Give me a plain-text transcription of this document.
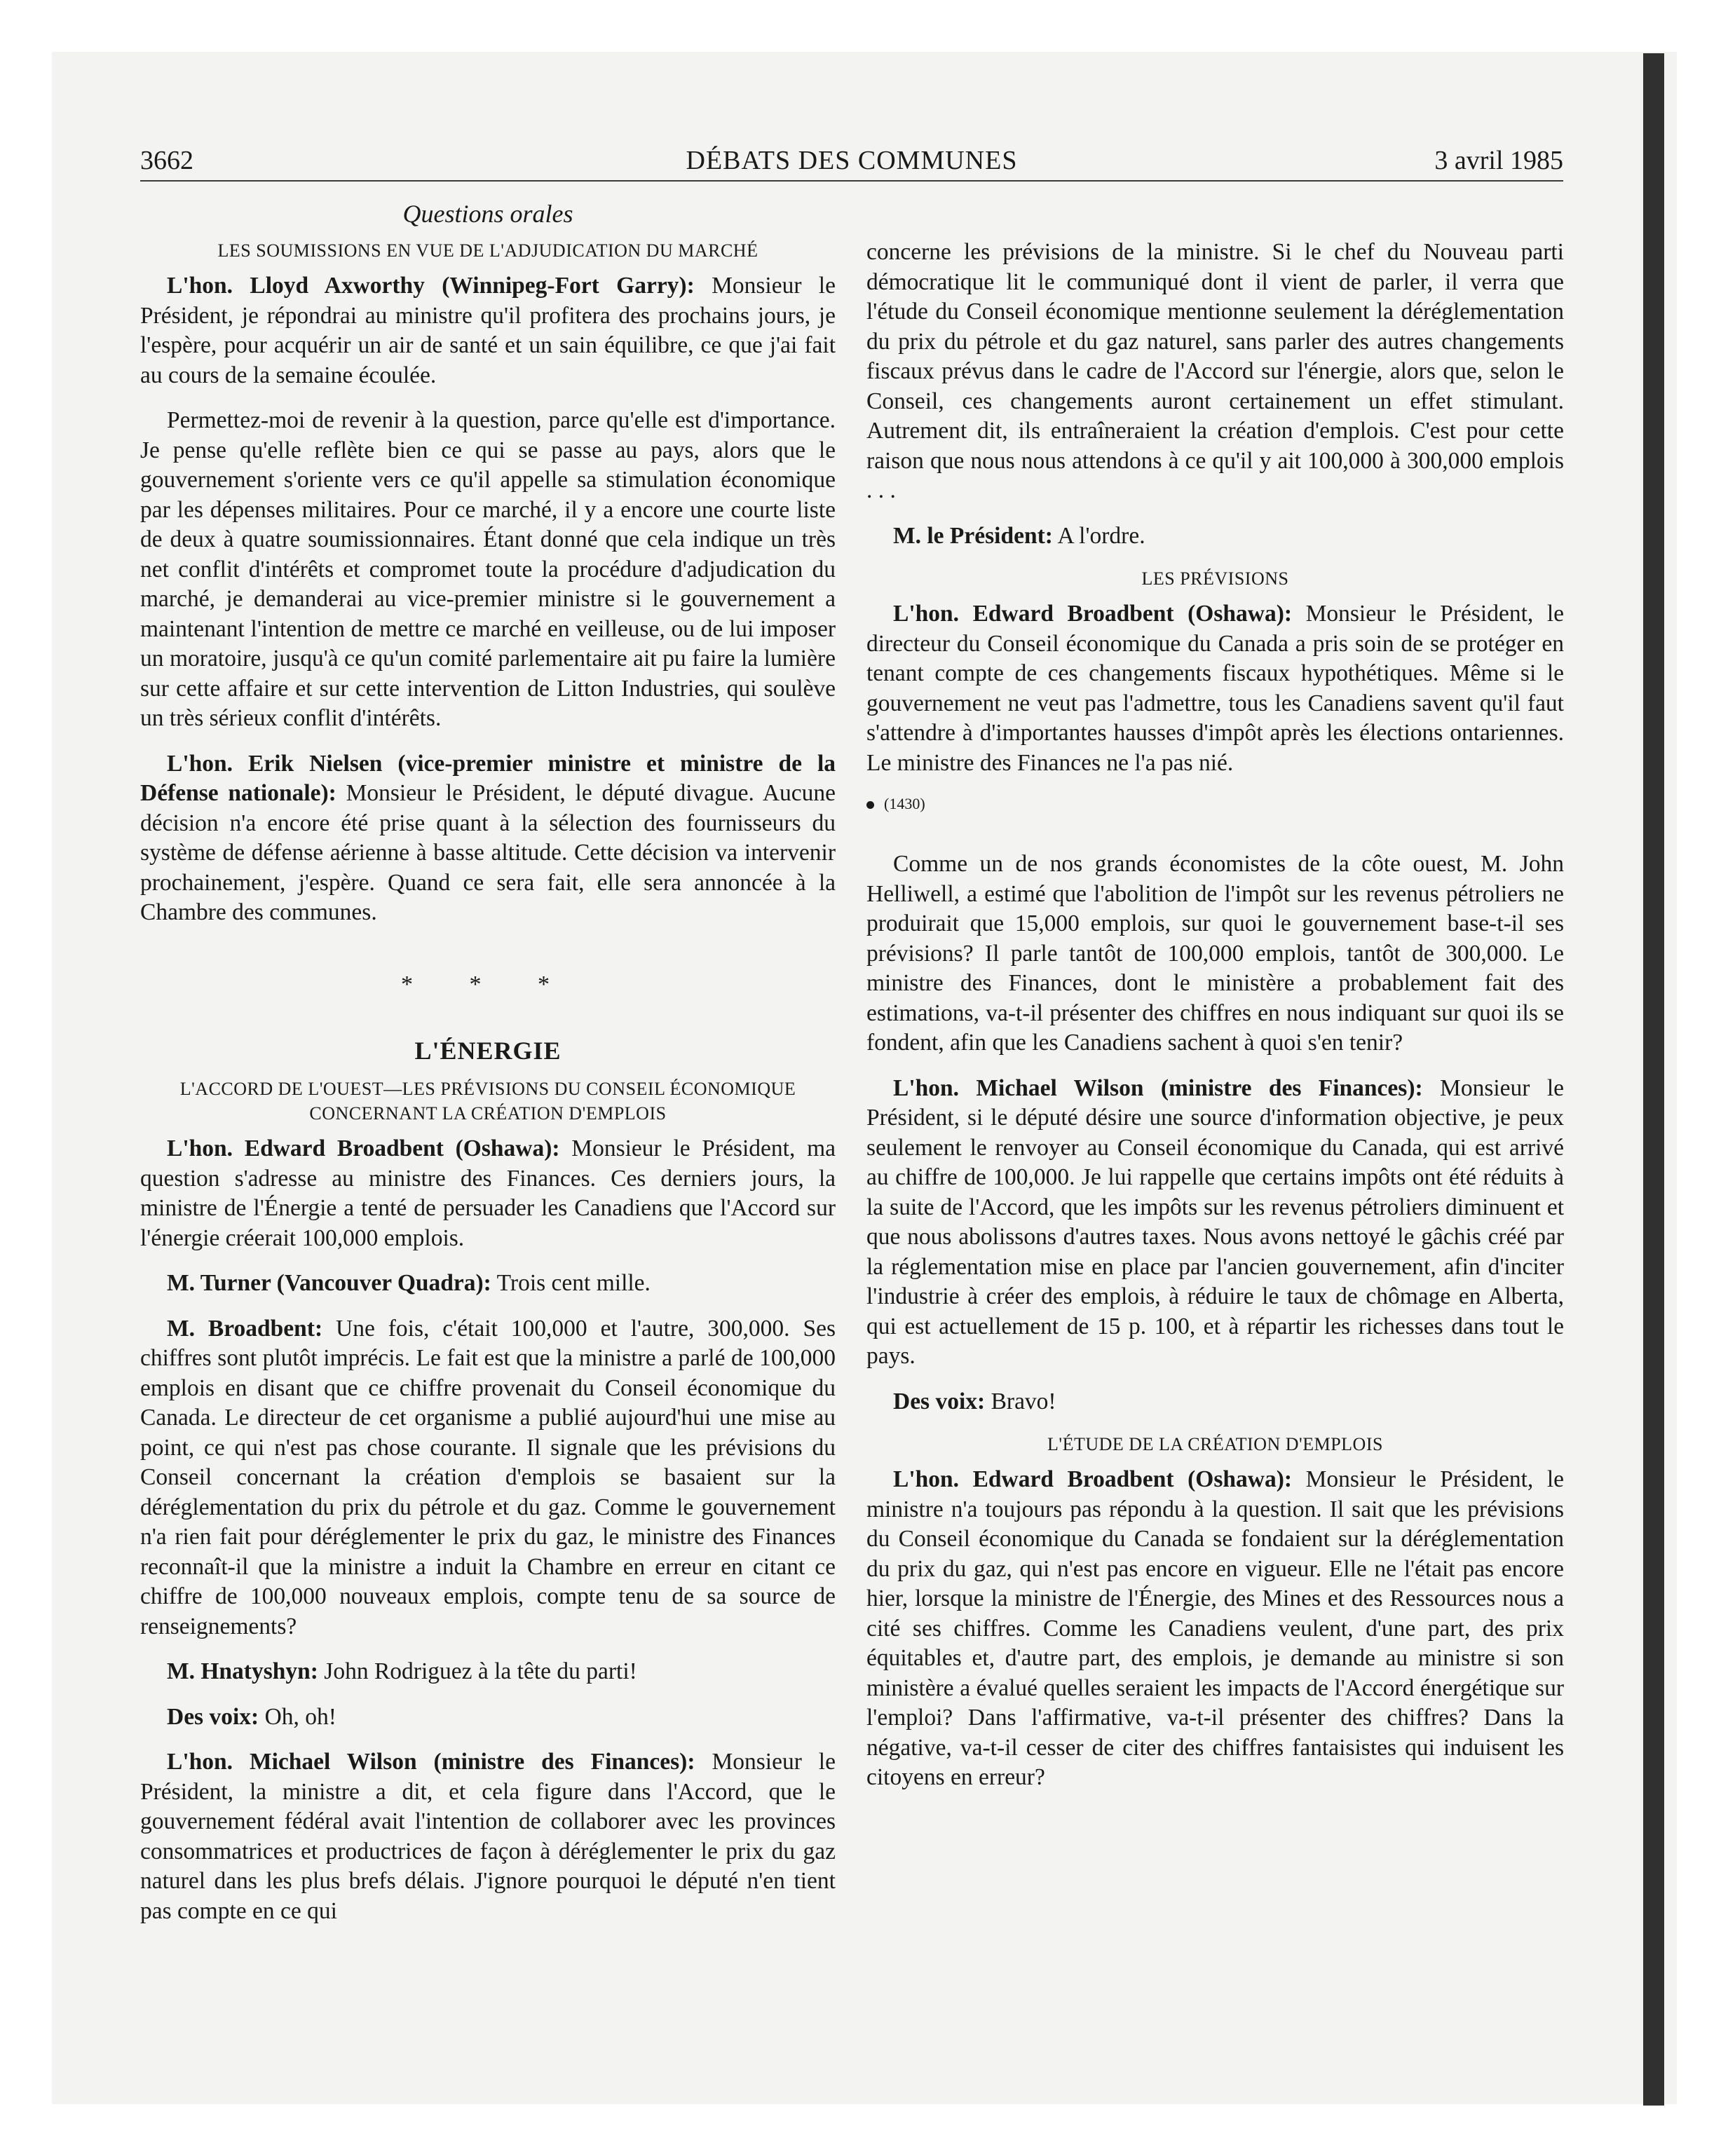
3662	DÉBATS DES COMMUNES	3 avril 1985
Questions orales
LES SOUMISSIONS EN VUE DE L'ADJUDICATION DU MARCHÉ

L'hon. Lloyd Axworthy (Winnipeg-Fort Garry): Monsieur le Président, je répondrai au ministre qu'il profitera des prochains jours, je l'espère, pour acquérir un air de santé et un sain équilibre, ce que j'ai fait au cours de la semaine écoulée.

Permettez-moi de revenir à la question, parce qu'elle est d'importance. Je pense qu'elle reflète bien ce qui se passe au pays, alors que le gouvernement s'oriente vers ce qu'il appelle sa stimulation économique par les dépenses militaires. Pour ce marché, il y a encore une courte liste de deux à quatre soumissionnaires. Étant donné que cela indique un très net conflit d'intérêts et compromet toute la procédure d'adjudication du marché, je demanderai au vice-premier ministre si le gouvernement a maintenant l'intention de mettre ce marché en veilleuse, ou de lui imposer un moratoire, jusqu'à ce qu'un comité parlementaire ait pu faire la lumière sur cette affaire et sur cette intervention de Litton Industries, qui soulève un très sérieux conflit d'intérêts.

L'hon. Erik Nielsen (vice-premier ministre et ministre de la Défense nationale): Monsieur le Président, le député divague. Aucune décision n'a encore été prise quant à la sélection des fournisseurs du système de défense aérienne à basse altitude. Cette décision va intervenir prochainement, j'espère. Quand ce sera fait, elle sera annoncée à la Chambre des communes.

* * *
L'ÉNERGIE
L'ACCORD DE L'OUEST—LES PRÉVISIONS DU CONSEIL ÉCONOMIQUE CONCERNANT LA CRÉATION D'EMPLOIS

L'hon. Edward Broadbent (Oshawa): Monsieur le Président, ma question s'adresse au ministre des Finances. Ces derniers jours, la ministre de l'Énergie a tenté de persuader les Canadiens que l'Accord sur l'énergie créerait 100,000 emplois.

M. Turner (Vancouver Quadra): Trois cent mille.

M. Broadbent: Une fois, c'était 100,000 et l'autre, 300,000. Ses chiffres sont plutôt imprécis. Le fait est que la ministre a parlé de 100,000 emplois en disant que ce chiffre provenait du Conseil économique du Canada. Le directeur de cet organisme a publié aujourd'hui une mise au point, ce qui n'est pas chose courante. Il signale que les prévisions du Conseil concernant la création d'emplois se basaient sur la déréglementation du prix du pétrole et du gaz. Comme le gouvernement n'a rien fait pour déréglementer le prix du gaz, le ministre des Finances reconnaît-il que la ministre a induit la Chambre en erreur en citant ce chiffre de 100,000 nouveaux emplois, compte tenu de sa source de renseignements?

M. Hnatyshyn: John Rodriguez à la tête du parti!

Des voix: Oh, oh!

L'hon. Michael Wilson (ministre des Finances): Monsieur le Président, la ministre a dit, et cela figure dans l'Accord, que le gouvernement fédéral avait l'intention de collaborer avec les provinces consommatrices et productrices de façon à déréglementer le prix du gaz naturel dans les plus brefs délais. J'ignore pourquoi le député n'en tient pas compte en ce qui

concerne les prévisions de la ministre. Si le chef du Nouveau parti démocratique lit le communiqué dont il vient de parler, il verra que l'étude du Conseil économique mentionne seulement la déréglementation du prix du pétrole et du gaz naturel, sans parler des autres changements fiscaux prévus dans le cadre de l'Accord sur l'énergie, alors que, selon le Conseil, ces changements auront certainement un effet stimulant. Autrement dit, ils entraîneraient la création d'emplois. C'est pour cette raison que nous nous attendons à ce qu'il y ait 100,000 à 300,000 emplois . . .

M. le Président: A l'ordre.

LES PRÉVISIONS

L'hon. Edward Broadbent (Oshawa): Monsieur le Président, le directeur du Conseil économique du Canada a pris soin de se protéger en tenant compte de ces changements fiscaux hypothétiques. Même si le gouvernement ne veut pas l'admettre, tous les Canadiens savent qu'il faut s'attendre à d'importantes hausses d'impôt après les élections ontariennes. Le ministre des Finances ne l'a pas nié.

(1430)

Comme un de nos grands économistes de la côte ouest, M. John Helliwell, a estimé que l'abolition de l'impôt sur les revenus pétroliers ne produirait que 15,000 emplois, sur quoi le gouvernement base-t-il ses prévisions? Il parle tantôt de 100,000 emplois, tantôt de 300,000. Le ministre des Finances, dont le ministère a probablement fait des estimations, va-t-il présenter des chiffres en nous indiquant sur quoi ils se fondent, afin que les Canadiens sachent à quoi s'en tenir?

L'hon. Michael Wilson (ministre des Finances): Monsieur le Président, si le député désire une source d'information objective, je peux seulement le renvoyer au Conseil économique du Canada, qui est arrivé au chiffre de 100,000. Je lui rappelle que certains impôts ont été réduits à la suite de l'Accord, que les impôts sur les revenus pétroliers diminuent et que nous abolissons d'autres taxes. Nous avons nettoyé le gâchis créé par la réglementation mise en place par l'ancien gouvernement, afin d'inciter l'industrie à créer des emplois, à réduire le taux de chômage en Alberta, qui est actuellement de 15 p. 100, et à répartir les richesses dans tout le pays.

Des voix: Bravo!

L'ÉTUDE DE LA CRÉATION D'EMPLOIS

L'hon. Edward Broadbent (Oshawa): Monsieur le Président, le ministre n'a toujours pas répondu à la question. Il sait que les prévisions du Conseil économique du Canada se fondaient sur la déréglementation du prix du gaz, qui n'est pas encore en vigueur. Elle ne l'était pas encore hier, lorsque la ministre de l'Énergie, des Mines et des Ressources nous a cité ses chiffres. Comme les Canadiens veulent, d'une part, des prix équitables et, d'autre part, des emplois, je demande au ministre si son ministère a évalué quelles seraient les impacts de l'Accord énergétique sur l'emploi? Dans l'affirmative, va-t-il présenter des chiffres? Dans la négative, va-t-il cesser de citer des chiffres fantaisistes qui induisent les citoyens en erreur?
